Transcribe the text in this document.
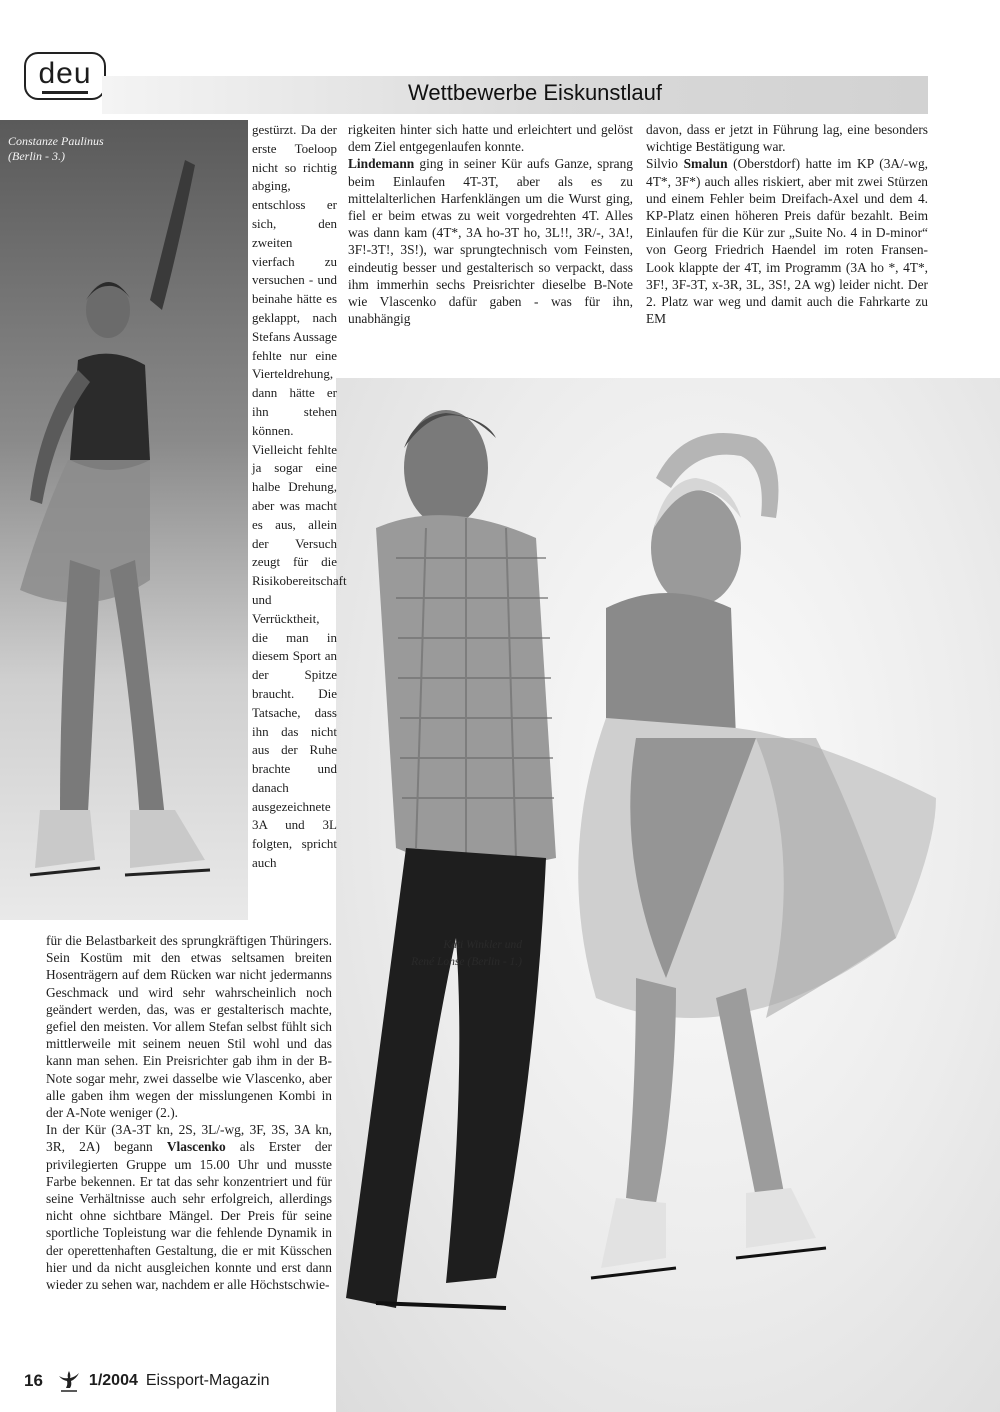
deu
Wettbewerbe Eiskunstlauf
Constanze Paulinus
(Berlin - 3.)
Kati Winkler und
René Lohse (Berlin - 1.)
gestürzt. Da der erste Toeloop nicht so richtig abging, entschloss er sich, den zweiten vierfach zu versuchen - und beinahe hätte es geklappt, nach Stefans Aussage fehlte nur eine Vierteldrehung, dann hätte er ihn stehen können. Vielleicht fehlte ja sogar eine halbe Drehung, aber was macht es aus, allein der Versuch zeugt für die Risikobereitschaft und Verrücktheit, die man in diesem Sport an der Spitze braucht. Die Tatsache, dass ihn das nicht aus der Ruhe brachte und danach ausgezeichnete 3A und 3L folgten, spricht auch
rigkeiten hinter sich hatte und erleichtert und gelöst dem Ziel entgegenlaufen konnte.
Lindemann ging in seiner Kür aufs Ganze, sprang beim Einlaufen 4T-3T, aber als es zu mittelalterlichen Harfenklängen um die Wurst ging, fiel er beim etwas zu weit vorgedrehten 4T. Alles was dann kam (4T*, 3A ho-3T ho, 3L!!, 3R/-, 3A!, 3F!-3T!, 3S!), war sprungtechnisch vom Feinsten, eindeutig besser und gestalterisch so verpackt, dass ihm immerhin sechs Preisrichter dieselbe B-Note wie Vlascenko dafür gaben - was für ihn, unabhängig
davon, dass er jetzt in Führung lag, eine besonders wichtige Bestätigung war.
Silvio Smalun (Oberstdorf) hatte im KP (3A/-wg, 4T*, 3F*) auch alles riskiert, aber mit zwei Stürzen und einem Fehler beim Dreifach-Axel und dem 4. KP-Platz einen höheren Preis dafür bezahlt. Beim Einlaufen für die Kür zur „Suite No. 4 in D-minor“ von Georg Friedrich Haendel im roten Fransen-Look klappte der 4T, im Programm (3A ho *, 4T*, 3F!, 3F-3T, x-3R, 3L, 3S!, 2A wg) leider nicht. Der 2. Platz war weg und damit auch die Fahrkarte zu EM
für die Belastbarkeit des sprungkräftigen Thüringers. Sein Kostüm mit den etwas seltsamen breiten Hosenträgern auf dem Rücken war nicht jedermanns Geschmack und wird sehr wahrscheinlich noch geändert werden, das, was er gestalterisch machte, gefiel den meisten. Vor allem Stefan selbst fühlt sich mittlerweile mit seinem neuen Stil wohl und das kann man sehen. Ein Preisrichter gab ihm in der B-Note sogar mehr, zwei dasselbe wie Vlascenko, aber alle gaben ihm wegen der misslungenen Kombi in der A-Note weniger (2.).
In der Kür (3A-3T kn, 2S, 3L/-wg, 3F, 3S, 3A kn, 3R, 2A) begann Vlascenko als Erster der privilegierten Gruppe um 15.00 Uhr und musste Farbe bekennen. Er tat das sehr konzentriert und für seine Verhältnisse auch sehr erfolgreich, allerdings nicht ohne sichtbare Mängel. Der Preis für seine sportliche Topleistung war die fehlende Dynamik in der operettenhaften Gestaltung, die er mit Küsschen hier und da nicht ausgleichen konnte und erst dann wieder zu sehen war, nachdem er alle Höchstschwie-
16	1/2004 Eissport-Magazin
